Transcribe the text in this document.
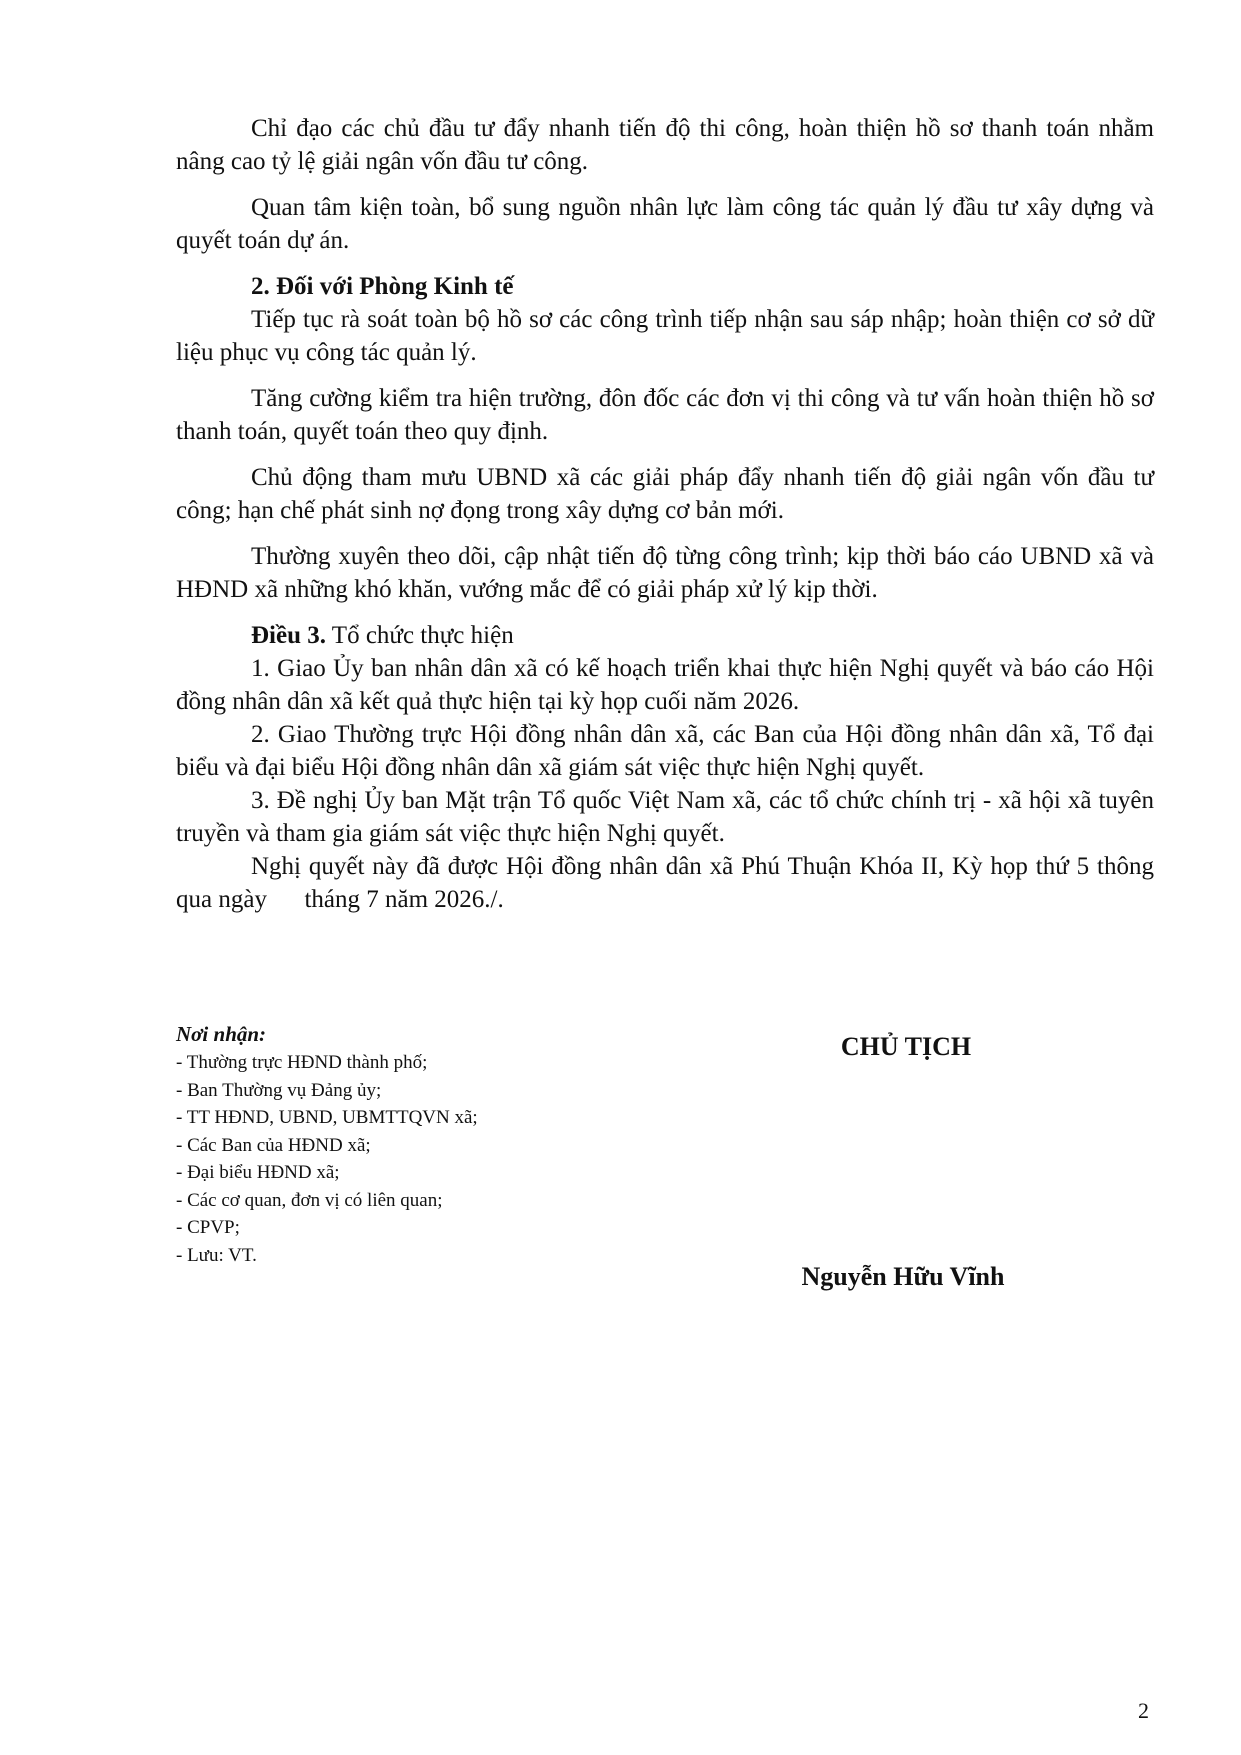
Chỉ đạo các chủ đầu tư đẩy nhanh tiến độ thi công, hoàn thiện hồ sơ thanh toán nhằm nâng cao tỷ lệ giải ngân vốn đầu tư công.

Quan tâm kiện toàn, bổ sung nguồn nhân lực làm công tác quản lý đầu tư xây dựng và quyết toán dự án.

2. Đối với Phòng Kinh tế

Tiếp tục rà soát toàn bộ hồ sơ các công trình tiếp nhận sau sáp nhập; hoàn thiện cơ sở dữ liệu phục vụ công tác quản lý.

Tăng cường kiểm tra hiện trường, đôn đốc các đơn vị thi công và tư vấn hoàn thiện hồ sơ thanh toán, quyết toán theo quy định.

Chủ động tham mưu UBND xã các giải pháp đẩy nhanh tiến độ giải ngân vốn đầu tư công; hạn chế phát sinh nợ đọng trong xây dựng cơ bản mới.

Thường xuyên theo dõi, cập nhật tiến độ từng công trình; kịp thời báo cáo UBND xã và HĐND xã những khó khăn, vướng mắc để có giải pháp xử lý kịp thời.

Điều 3. Tổ chức thực hiện

1. Giao Ủy ban nhân dân xã có kế hoạch triển khai thực hiện Nghị quyết và báo cáo Hội đồng nhân dân xã kết quả thực hiện tại kỳ họp cuối năm 2026.

2. Giao Thường trực Hội đồng nhân dân xã, các Ban của Hội đồng nhân dân xã, Tổ đại biểu và đại biểu Hội đồng nhân dân xã giám sát việc thực hiện Nghị quyết.

3. Đề nghị Ủy ban Mặt trận Tổ quốc Việt Nam xã, các tổ chức chính trị - xã hội xã tuyên truyền và tham gia giám sát việc thực hiện Nghị quyết.

Nghị quyết này đã được Hội đồng nhân dân xã Phú Thuận Khóa II, Kỳ họp thứ 5 thông qua ngày      tháng 7 năm 2026./.

Nơi nhận:

- Thường trực HĐND thành phố;
- Ban Thường vụ Đảng ủy;
- TT HĐND, UBND, UBMTTQVN xã;
- Các Ban của HĐND xã;
- Đại biểu HĐND xã;
- Các cơ quan, đơn vị có liên quan;
- CPVP;
- Lưu: VT.

CHỦ TỊCH

Nguyễn Hữu Vĩnh
2
